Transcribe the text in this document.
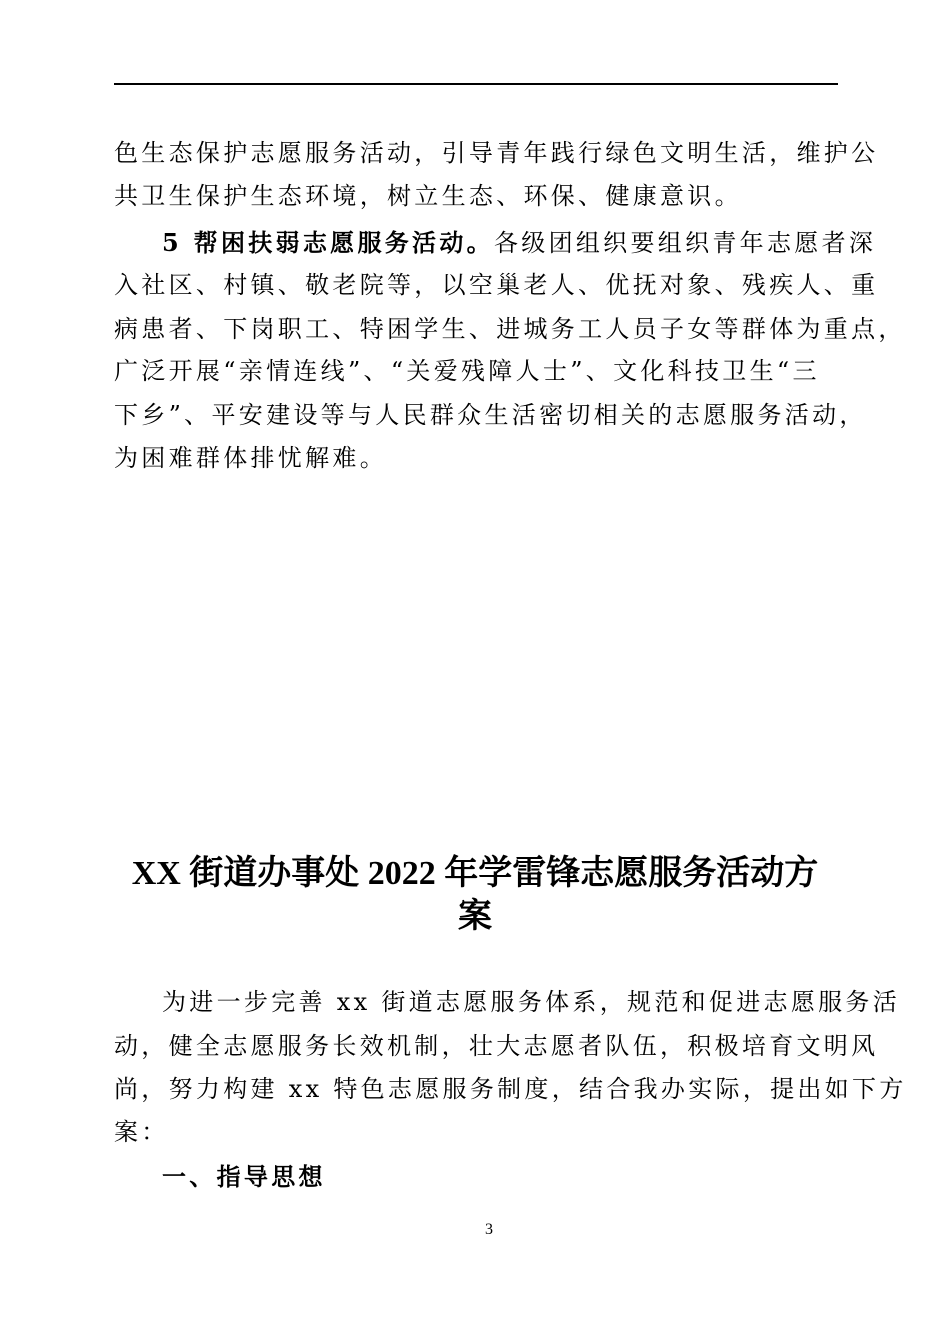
色生态保护志愿服务活动，引导青年践行绿色文明生活，维护公
共卫生保护生态环境，树立生态、环保、健康意识。
5 帮困扶弱志愿服务活动。各级团组织要组织青年志愿者深
入社区、村镇、敬老院等，以空巢老人、优抚对象、残疾人、重
病患者、下岗职工、特困学生、进城务工人员子女等群体为重点，
广泛开展“亲情连线”、“关爱残障人士”、文化科技卫生“三
下乡”、平安建设等与人民群众生活密切相关的志愿服务活动，
为困难群体排忧解难。
XX 街道办事处 2022 年学雷锋志愿服务活动方
案
为进一步完善 xx 街道志愿服务体系，规范和促进志愿服务活
动，健全志愿服务长效机制，壮大志愿者队伍，积极培育文明风
尚，努力构建 xx 特色志愿服务制度，结合我办实际，提出如下方
案：
一、指导思想
3
